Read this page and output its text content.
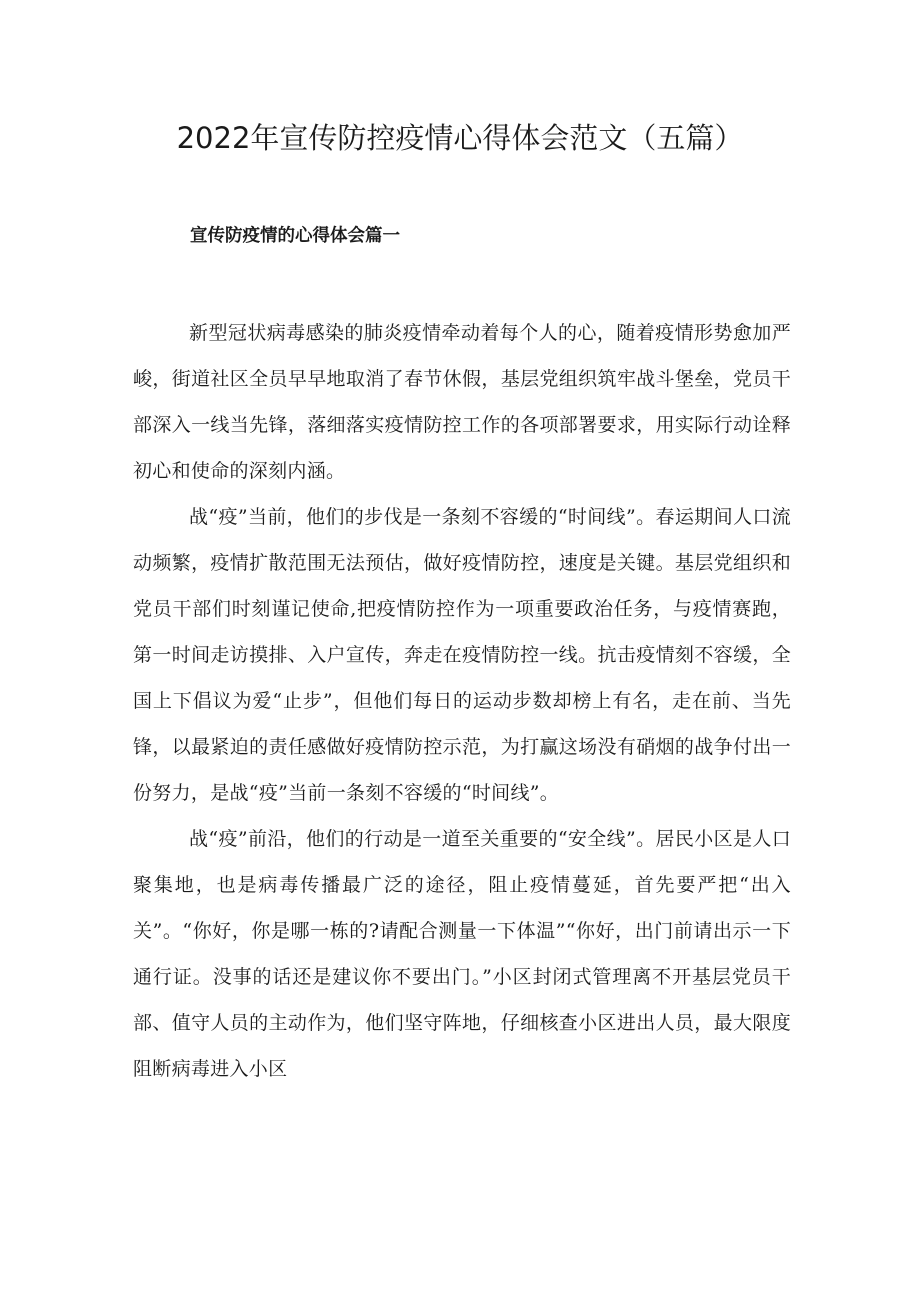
2022年宣传防控疫情心得体会范文（五篇）
宣传防疫情的心得体会篇一

新型冠状病毒感染的肺炎疫情牵动着每个人的心，随着疫情形势愈加严峻，街道社区全员早早地取消了春节休假，基层党组织筑牢战斗堡垒，党员干部深入一线当先锋，落细落实疫情防控工作的各项部署要求，用实际行动诠释初心和使命的深刻内涵。

战“疫”当前，他们的步伐是一条刻不容缓的“时间线”。春运期间人口流动频繁，疫情扩散范围无法预估，做好疫情防控，速度是关键。基层党组织和党员干部们时刻谨记使命,把疫情防控作为一项重要政治任务，与疫情赛跑，第一时间走访摸排、入户宣传，奔走在疫情防控一线。抗击疫情刻不容缓，全国上下倡议为爱“止步”，但他们每日的运动步数却榜上有名，走在前、当先锋，以最紧迫的责任感做好疫情防控示范，为打赢这场没有硝烟的战争付出一份努力，是战“疫”当前一条刻不容缓的“时间线”。

战“疫”前沿，他们的行动是一道至关重要的“安全线”。居民小区是人口聚集地，也是病毒传播最广泛的途径，阻止疫情蔓延，首先要严把“出入关”。“你好，你是哪一栋的?请配合测量一下体温”“你好，出门前请出示一下通行证。没事的话还是建议你不要出门。”小区封闭式管理离不开基层党员干部、值守人员的主动作为，他们坚守阵地，仔细核查小区进出人员，最大限度阻断病毒进入小区
